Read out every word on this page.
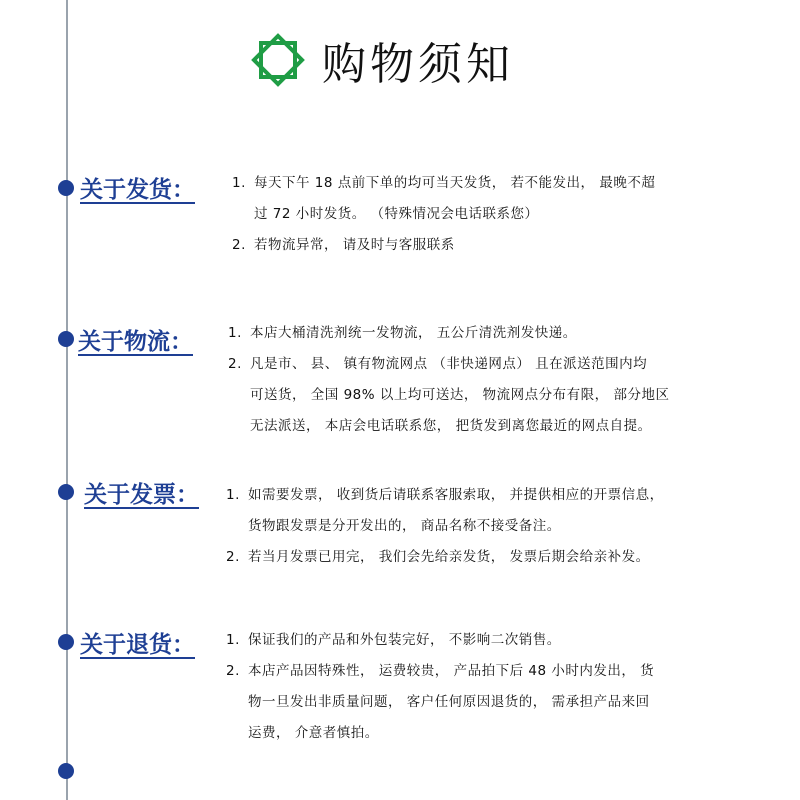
购物须知
关于发货：	1. 每天下午 18 点前下单的均可当天发货， 若不能发出， 最晚不超
过 72 小时发货。 （特殊情况会电话联系您）
2. 若物流异常， 请及时与客服联系
关于物流：	1. 本店大桶清洗剂统一发物流， 五公斤清洗剂发快递。
2. 凡是市、 县、 镇有物流网点 （非快递网点） 且在派送范围内均
可送货， 全国 98% 以上均可送达， 物流网点分布有限， 部分地区
无法派送， 本店会电话联系您， 把货发到离您最近的网点自提。
关于发票： 1. 如需要发票， 收到货后请联系客服索取， 并提供相应的开票信息，
货物跟发票是分开发出的， 商品名称不接受备注。
2. 若当月发票已用完， 我们会先给亲发货， 发票后期会给亲补发。
关于退货： 1. 保证我们的产品和外包装完好， 不影响二次销售。
2. 本店产品因特殊性， 运费较贵， 产品拍下后 48 小时内发出， 货
物一旦发出非质量问题， 客户任何原因退货的， 需承担产品来回
运费， 介意者慎拍。
